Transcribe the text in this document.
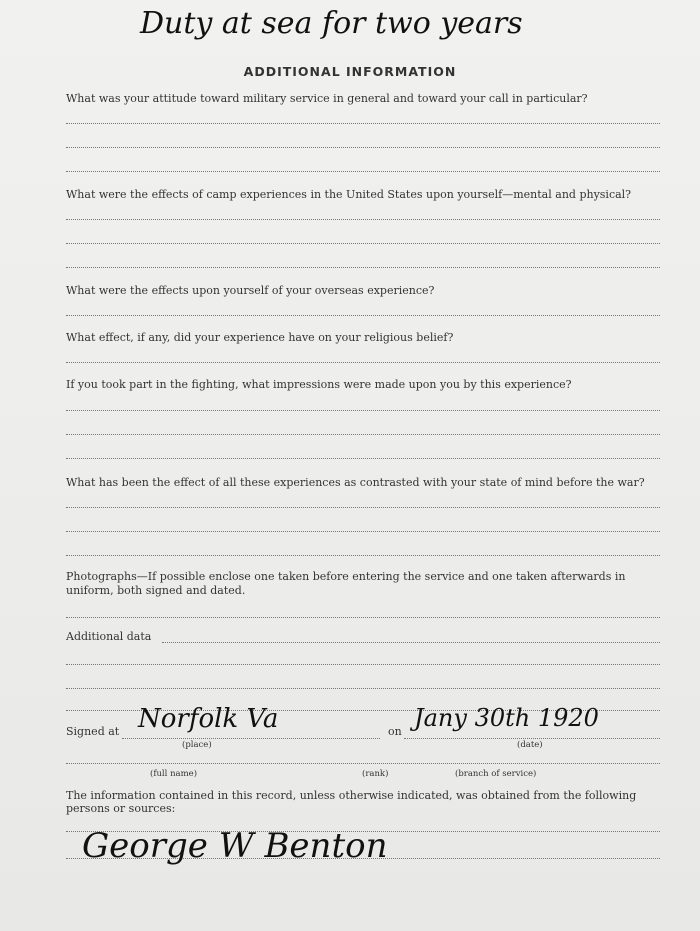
Duty at sea for two years
ADDITIONAL INFORMATION
What was your attitude toward military service in general and toward your call in particular?
What were the effects of camp experiences in the United States upon yourself—mental and physical?
What were the effects upon yourself of your overseas experience?
What effect, if any, did your experience have on your religious belief?
If you took part in the fighting, what impressions were made upon you by this experience?
What has been the effect of all these experiences as contrasted with your state of mind before the war?
Photographs—If possible enclose one taken before entering the service and one taken afterwards in uniform, both signed and dated.
Additional data
Signed at Norfolk Va
(place)
on Jany 30th 1920
(date)
(full name)	(rank)	(branch of service)
The information contained in this record, unless otherwise indicated, was obtained from the following persons or sources:
George W Benton
